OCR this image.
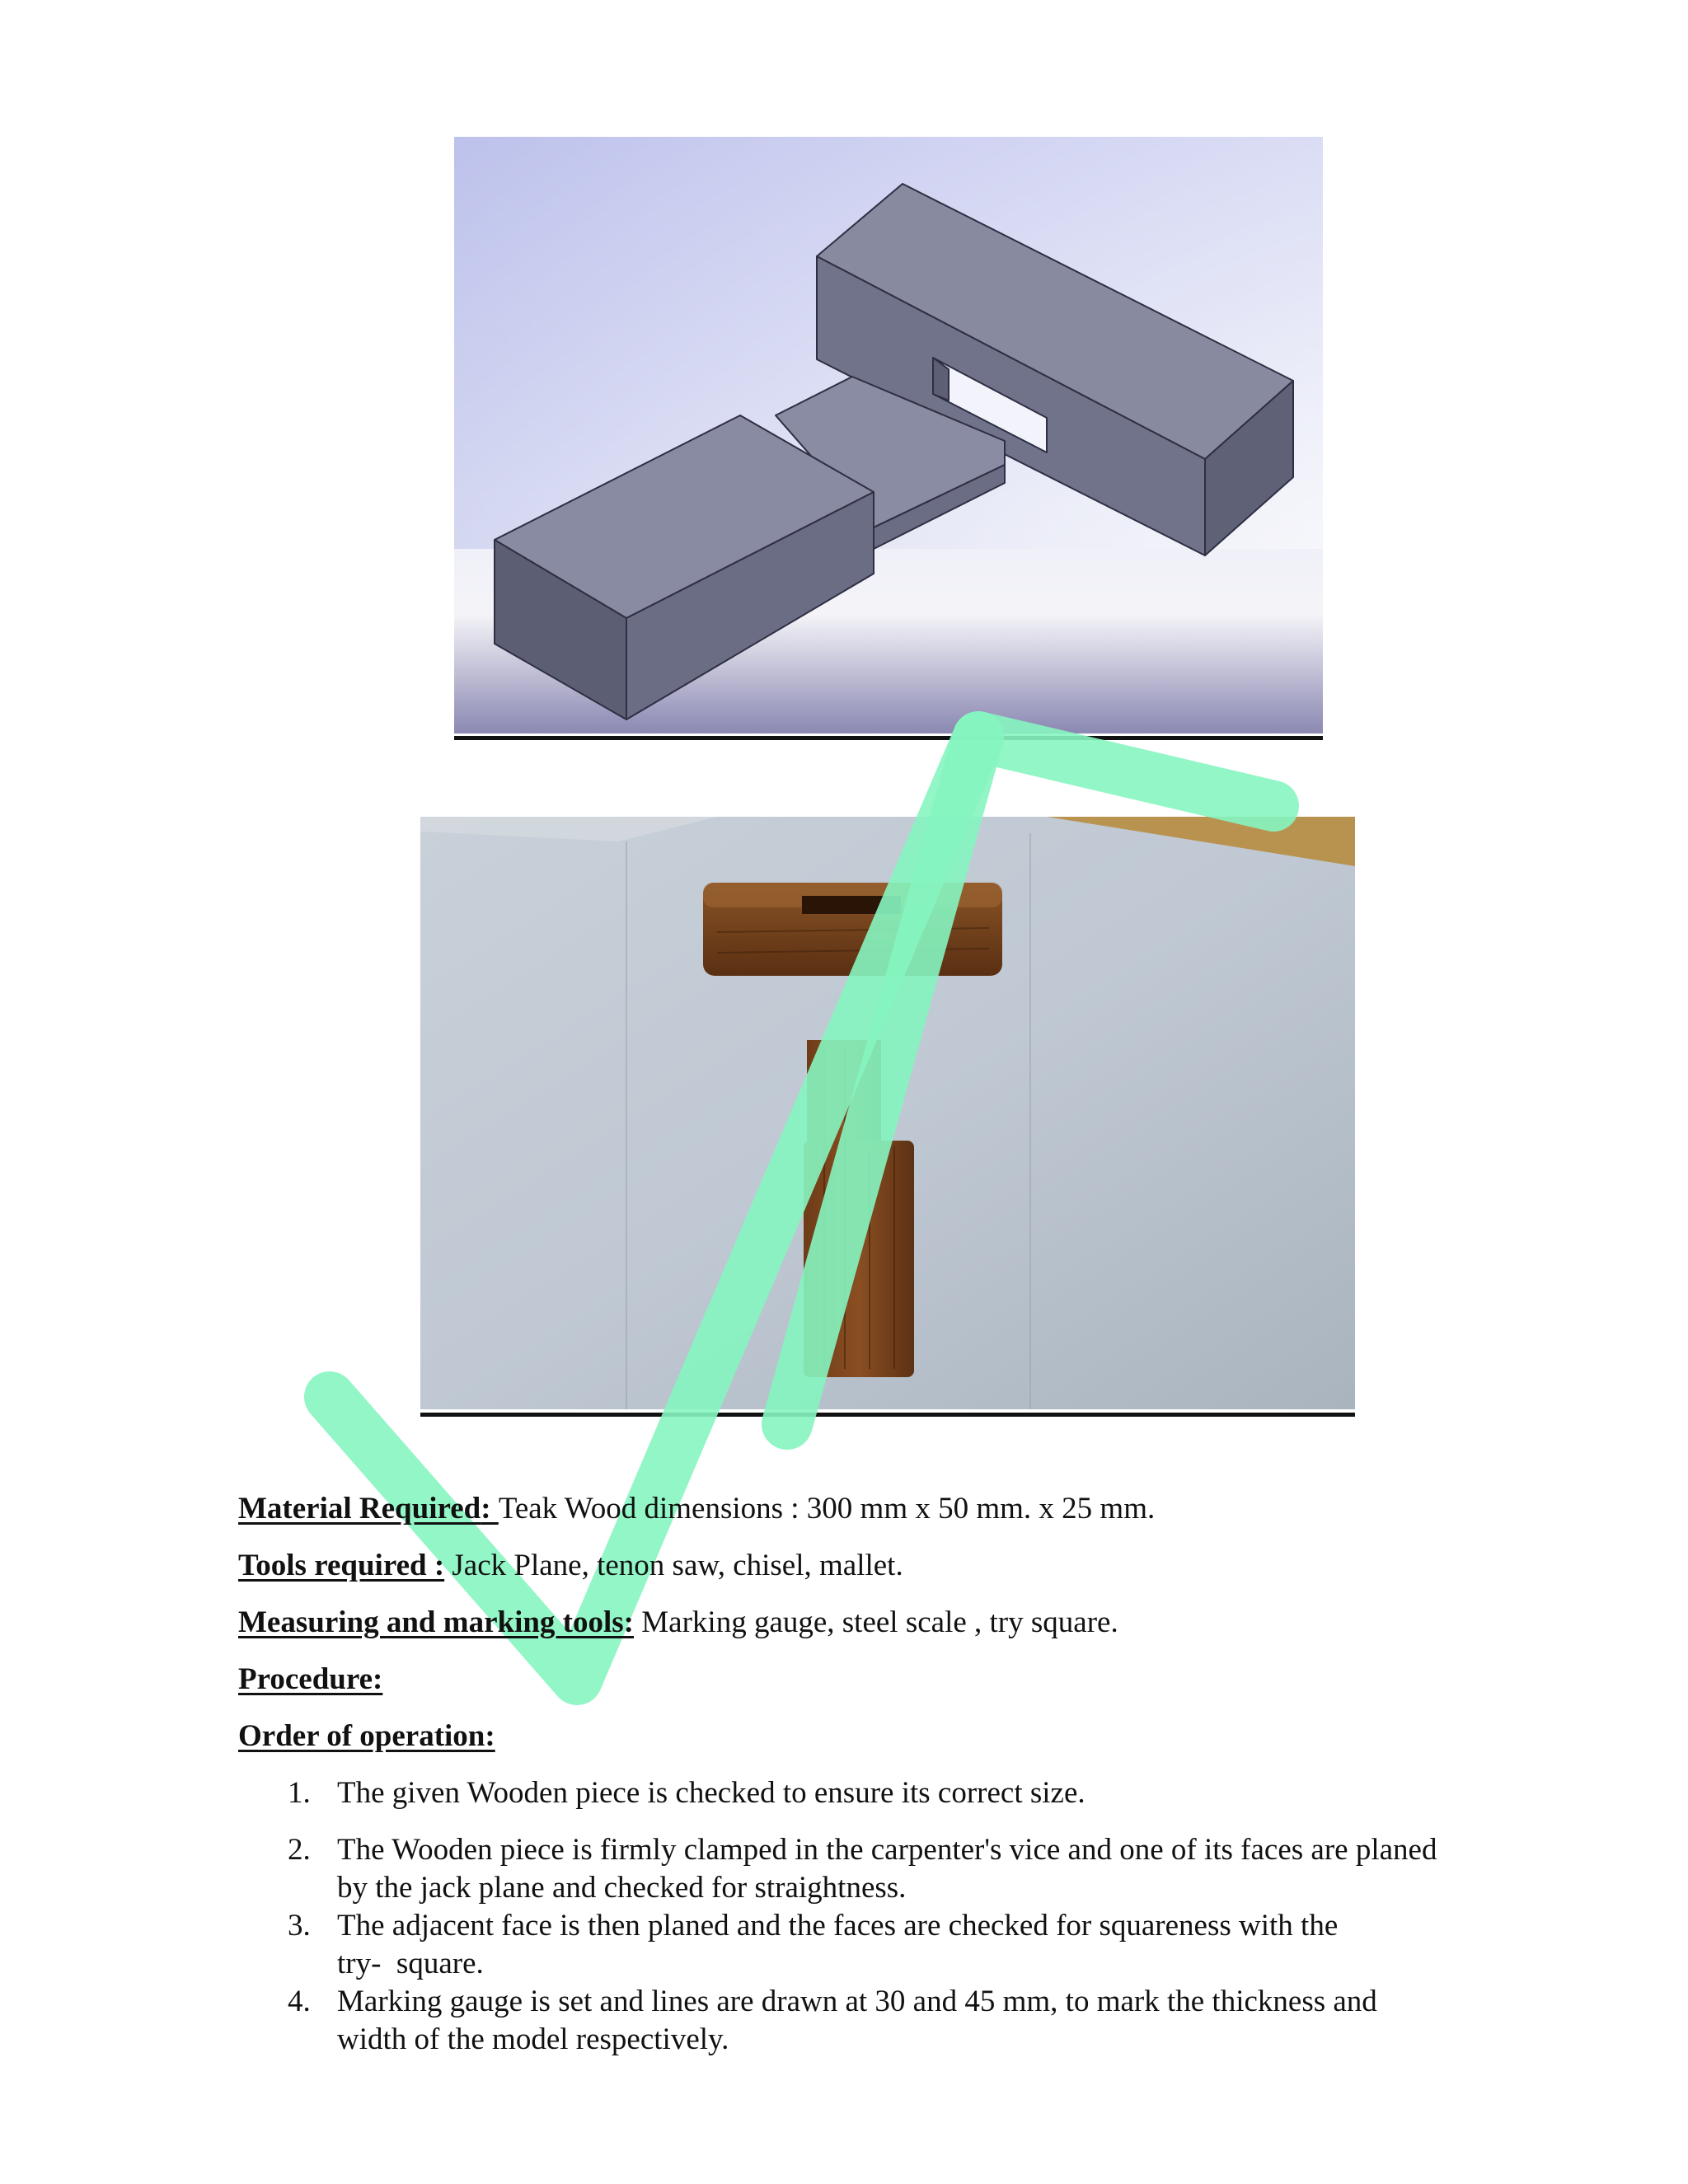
Material Required: Teak Wood dimensions : 300 mm x 50 mm. x 25 mm.
Tools required : Jack Plane, tenon saw, chisel, mallet.
Measuring and marking tools: Marking gauge, steel scale , try square.
Procedure:
Order of operation:
1. The given Wooden piece is checked to ensure its correct size.
2. The Wooden piece is firmly clamped in the carpenter's vice and one of its faces are planed
by the jack plane and checked for straightness.
3. The adjacent face is then planed and the faces are checked for squareness with the
try-  square.
4. Marking gauge is set and lines are drawn at 30 and 45 mm, to mark the thickness and
width of the model respectively.
